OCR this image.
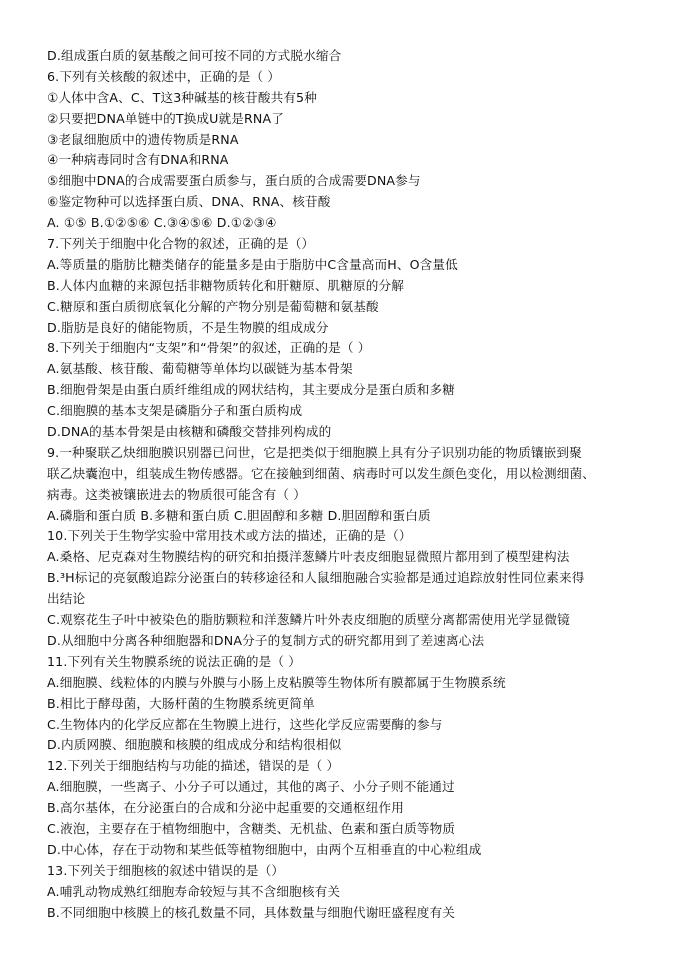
D.组成蛋白质的氨基酸之间可按不同的方式脱水缩合
6.下列有关核酸的叙述中，正确的是（ ）
①人体中含A、C、T这3种碱基的核苷酸共有5种
②只要把DNA单链中的T换成U就是RNA了
③老鼠细胞质中的遗传物质是RNA
④一种病毒同时含有DNA和RNA
⑤细胞中DNA的合成需要蛋白质参与，蛋白质的合成需要DNA参与
⑥鉴定物种可以选择蛋白质、DNA、RNA、核苷酸
A. ①⑤ B.①②⑤⑥ C.③④⑤⑥ D.①②③④
7.下列关于细胞中化合物的叙述，正确的是（）
A.等质量的脂肪比糖类储存的能量多是由于脂肪中C含量高而H、O含量低
B.人体内血糖的来源包括非糖物质转化和肝糖原、肌糖原的分解
C.糖原和蛋白质彻底氧化分解的产物分别是葡萄糖和氨基酸
D.脂肪是良好的储能物质，不是生物膜的组成成分
8.下列关于细胞内“支架”和“骨架”的叙述，正确的是（ ）
A.氨基酸、核苷酸、葡萄糖等单体均以碳链为基本骨架
B.细胞骨架是由蛋白质纤维组成的网状结构，其主要成分是蛋白质和多糖
C.细胞膜的基本支架是磷脂分子和蛋白质构成
D.DNA的基本骨架是由核糖和磷酸交替排列构成的
9.一种聚联乙炔细胞膜识别器已问世，它是把类似于细胞膜上具有分子识别功能的物质镶嵌到聚
联乙炔囊泡中，组装成生物传感器。它在接触到细菌、病毒时可以发生颜色变化，用以检测细菌、
病毒。这类被镶嵌进去的物质很可能含有（ ）
A.磷脂和蛋白质 B.多糖和蛋白质 C.胆固醇和多糖 D.胆固醇和蛋白质
10.下列关于生物学实验中常用技术或方法的描述，正确的是（）
A.桑格、尼克森对生物膜结构的研究和拍摄洋葱鳞片叶表皮细胞显微照片都用到了模型建构法
B.³H标记的亮氨酸追踪分泌蛋白的转移途径和人鼠细胞融合实验都是通过追踪放射性同位素来得
出结论
C.观察花生子叶中被染色的脂肪颗粒和洋葱鳞片叶外表皮细胞的质壁分离都需使用光学显微镜
D.从细胞中分离各种细胞器和DNA分子的复制方式的研究都用到了差速离心法
11.下列有关生物膜系统的说法正确的是（ ）
A.细胞膜、线粒体的内膜与外膜与小肠上皮粘膜等生物体所有膜都属于生物膜系统
B.相比于酵母菌，大肠杆菌的生物膜系统更简单
C.生物体内的化学反应都在生物膜上进行，这些化学反应需要酶的参与
D.内质网膜、细胞膜和核膜的组成成分和结构很相似
12.下列关于细胞结构与功能的描述，错误的是（ ）
A.细胞膜，一些离子、小分子可以通过，其他的离子、小分子则不能通过
B.高尔基体，在分泌蛋白的合成和分泌中起重要的交通枢纽作用
C.液泡，主要存在于植物细胞中，含糖类、无机盐、色素和蛋白质等物质
D.中心体，存在于动物和某些低等植物细胞中，由两个互相垂直的中心粒组成
13.下列关于细胞核的叙述中错误的是（）
A.哺乳动物成熟红细胞寿命较短与其不含细胞核有关
B.不同细胞中核膜上的核孔数量不同，具体数量与细胞代谢旺盛程度有关
